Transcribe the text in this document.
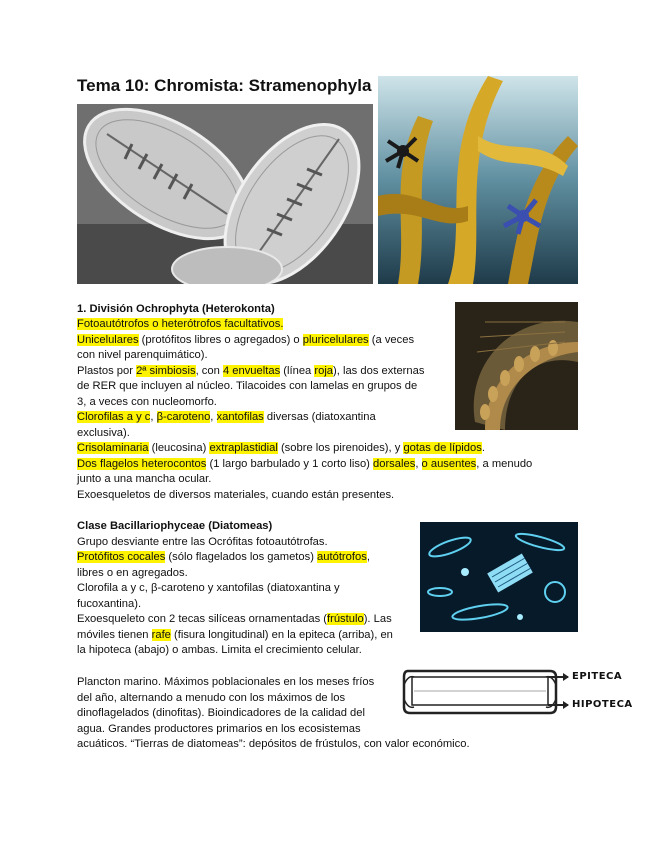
Tema 10: Chromista: Stramenophyla
1. División Ochrophyta (Heterokonta)
Fotoautótrofos o heterótrofos facultativos.
Unicelulares (protófitos libres o agregados) o pluricelulares (a veces
con nivel parenquimático).
Plastos por 2ª simbiosis, con 4 envueltas (línea roja), las dos externas
de RER que incluyen al núcleo. Tilacoides con lamelas en grupos de
3, a veces con nucleomorfo.
Clorofilas a y c, β-caroteno, xantofilas diversas (diatoxantina
exclusiva).
Crisolaminaria (leucosina) extraplastidial (sobre los pirenoides), y gotas de lípidos.
Dos flagelos heterocontos (1 largo barbulado y 1 corto liso) dorsales, o ausentes, a menudo
junto a una mancha ocular.
Exoesqueletos de diversos materiales, cuando están presentes.
Clase Bacillariophyceae (Diatomeas)
Grupo desviante entre las Ocrófitas fotoautótrofas.
Protófitos cocales (sólo flagelados los gametos) autótrofos,
libres o en agregados.
Clorofila a y c, β-caroteno y xantofilas (diatoxantina y
fucoxantina).
Exoesqueleto con 2 tecas silíceas ornamentadas (frústulo). Las
móviles tienen rafe (fisura longitudinal) en la epiteca (arriba), en
la hipoteca (abajo) o ambas. Limita el crecimiento celular.
Plancton marino. Máximos poblacionales en los meses fríos
del año, alternando a menudo con los máximos de los
dinoflagelados (dinofitas). Bioindicadores de la calidad del
agua. Grandes productores primarios en los ecosistemas
acuáticos. “Tierras de diatomeas”: depósitos de frústulos, con valor económico.
EPITECA
HIPOTECA
